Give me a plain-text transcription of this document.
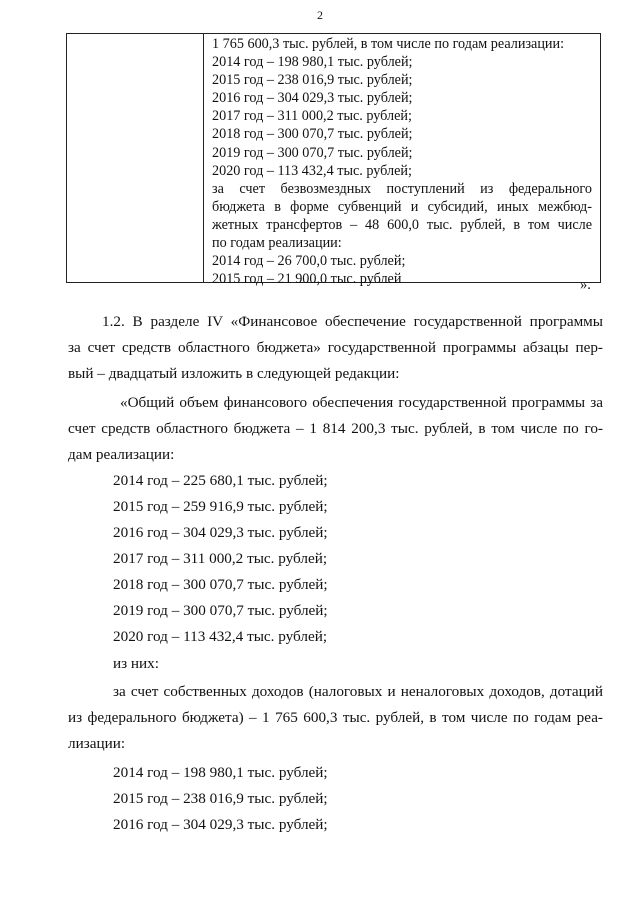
2
1 765 600,3 тыс. рублей, в том числе по годам реализации:
2014 год – 198 980,1 тыс. рублей;
2015 год – 238 016,9 тыс. рублей;
2016 год – 304 029,3 тыс. рублей;
2017 год – 311 000,2 тыс. рублей;
2018 год – 300 070,7 тыс. рублей;
2019 год – 300 070,7 тыс. рублей;
2020 год – 113 432,4 тыс. рублей;
за счет безвозмездных поступлений из федерального
бюджета в форме субвенций и субсидий, иных межбюд-
жетных трансфертов – 48 600,0 тыс. рублей, в том числе
по годам реализации:
2014 год – 26 700,0 тыс. рублей;
2015 год – 21 900,0 тыс. рублей	».
1.2. В разделе IV «Финансовое обеспечение государственной программы
за счет средств областного бюджета» государственной программы абзацы пер-
вый – двадцатый изложить в следующей редакции:
«Общий объем финансового обеспечения государственной программы за
счет средств областного бюджета – 1 814 200,3 тыс. рублей, в том числе по го-
дам реализации:
2014 год – 225 680,1 тыс. рублей;
2015 год – 259 916,9 тыс. рублей;
2016 год – 304 029,3 тыс. рублей;
2017 год – 311 000,2 тыс. рублей;
2018 год – 300 070,7 тыс. рублей;
2019 год – 300 070,7 тыс. рублей;
2020 год – 113 432,4 тыс. рублей;
из них:
за счет собственных доходов (налоговых и неналоговых доходов, дотаций
из федерального бюджета) – 1 765 600,3 тыс. рублей, в том числе по годам реа-
лизации:
2014 год – 198 980,1 тыс. рублей;
2015 год – 238 016,9 тыс. рублей;
2016 год – 304 029,3 тыс. рублей;
